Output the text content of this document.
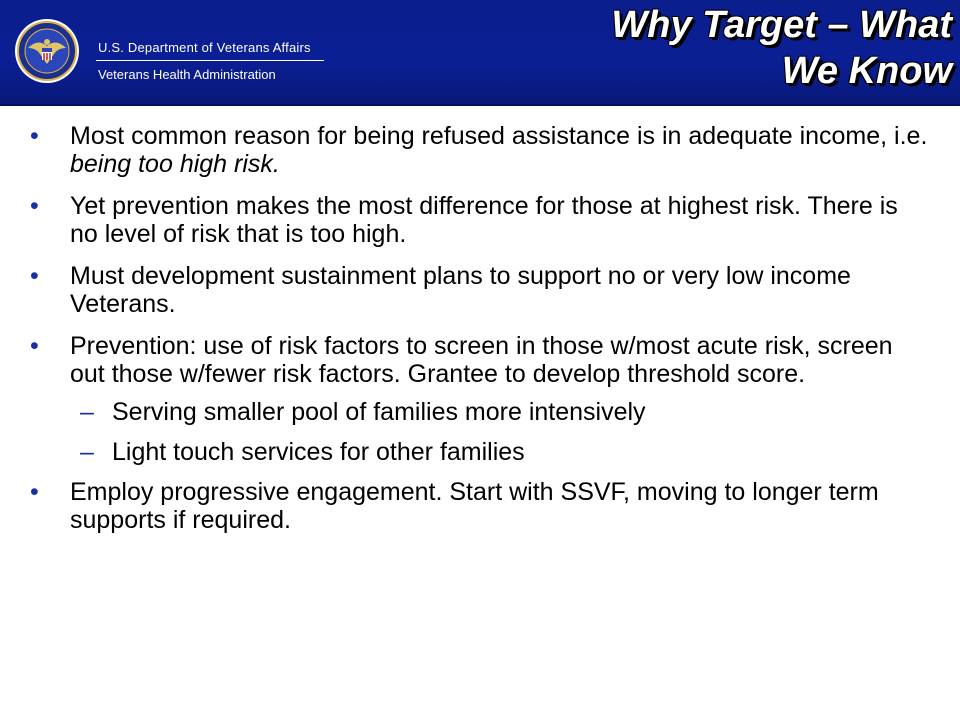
U.S. Department of Veterans Affairs
Veterans Health Administration
Why Target – What
We Know
• Most common reason for being refused assistance is in adequate income, i.e. being too high risk.
• Yet prevention makes the most difference for those at highest risk. There is no level of risk that is too high.
• Must development sustainment plans to support no or very low income Veterans.
• Prevention: use of risk factors to screen in those w/most acute risk, screen out those w/fewer risk factors. Grantee to develop threshold score.
– Serving smaller pool of families more intensively
– Light touch services for other families
• Employ progressive engagement. Start with SSVF, moving to longer term supports if required.
